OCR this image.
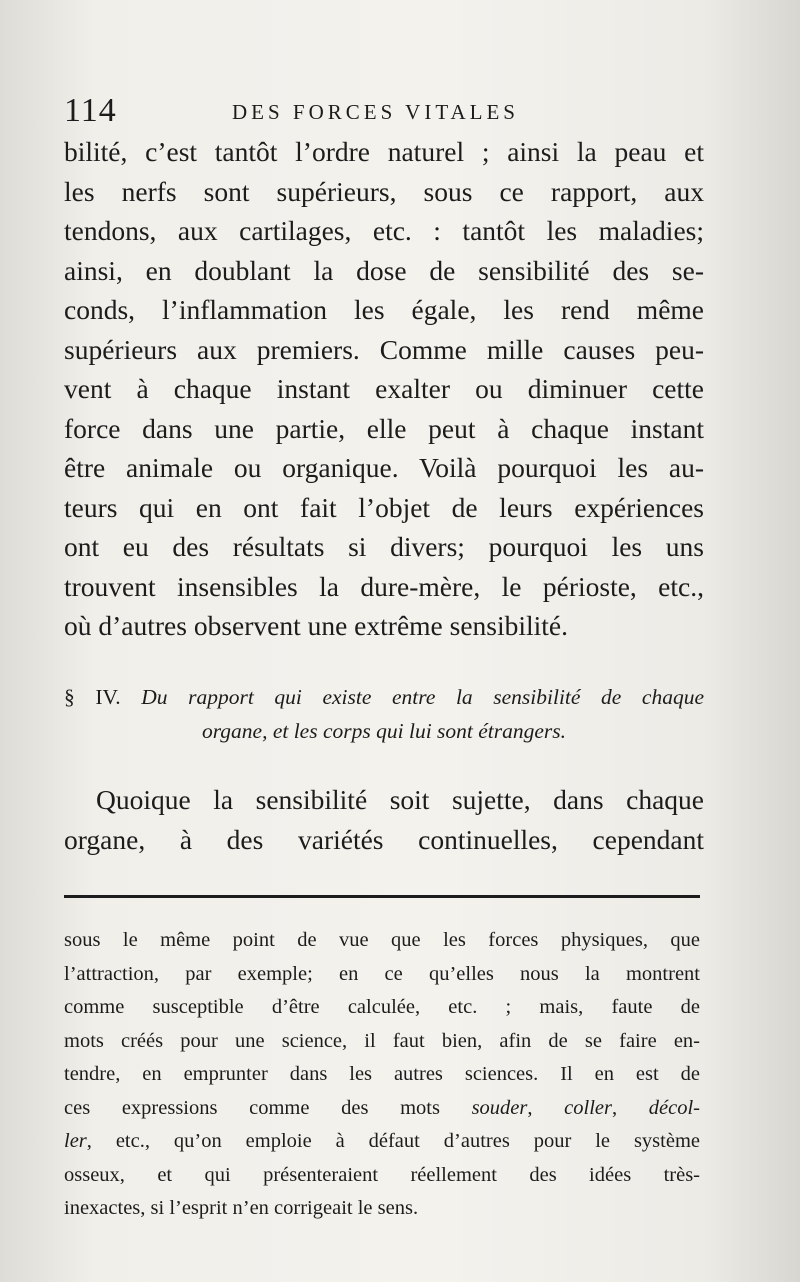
114	DES FORCES VITALES
bilité, c’est tantôt l’ordre naturel ; ainsi la peau et
les nerfs sont supérieurs, sous ce rapport, aux
tendons, aux cartilages, etc. : tantôt les maladies;
ainsi, en doublant la dose de sensibilité des se-
conds, l’inflammation les égale, les rend même
supérieurs aux premiers. Comme mille causes peu-
vent à chaque instant exalter ou diminuer cette
force dans une partie, elle peut à chaque instant
être animale ou organique. Voilà pourquoi les au-
teurs qui en ont fait l’objet de leurs expériences
ont eu des résultats si divers; pourquoi les uns
trouvent insensibles la dure-mère, le périoste, etc.,
où d’autres observent une extrême sensibilité.
§ IV. Du rapport qui existe entre la sensibilité de chaque
organe, et les corps qui lui sont étrangers.
Quoique la sensibilité soit sujette, dans chaque
organe, à des variétés continuelles, cependant
sous le même point de vue que les forces physiques, que
l’attraction, par exemple; en ce qu’elles nous la montrent
comme susceptible d’être calculée, etc. ; mais, faute de
mots créés pour une science, il faut bien, afin de se faire en-
tendre, en emprunter dans les autres sciences. Il en est de
ces expressions comme des mots souder, coller, décol-
ler, etc., qu’on emploie à défaut d’autres pour le système
osseux, et qui présenteraient réellement des idées très-
inexactes, si l’esprit n’en corrigeait le sens.
